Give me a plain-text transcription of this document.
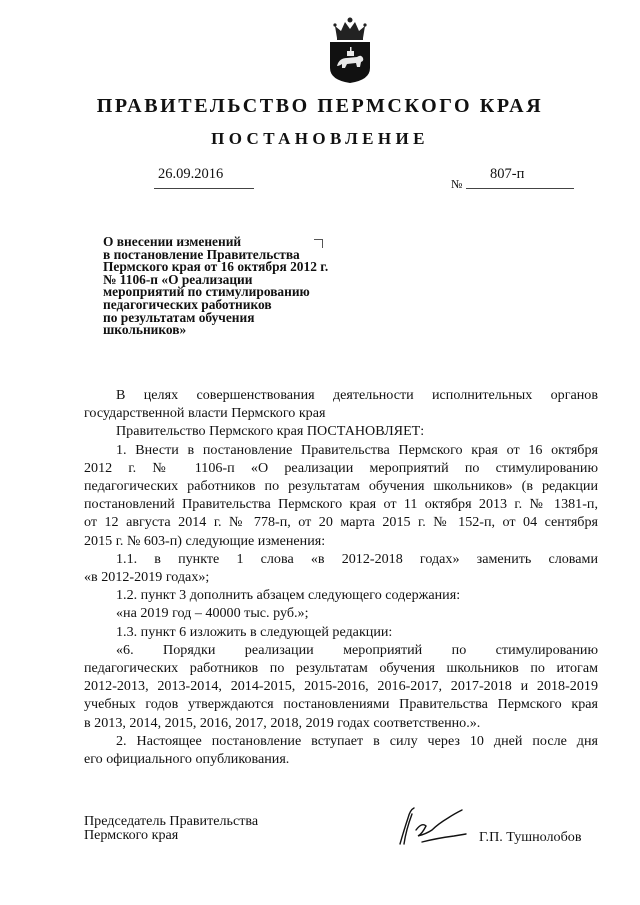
ПРАВИТЕЛЬСТВО ПЕРМСКОГО КРАЯ
ПОСТАНОВЛЕНИЕ
26.09.2016
№
807-п
О внесении изменений
в постановление Правительства
Пермского края от 16 октября 2012 г.
№ 1106-п «О реализации
мероприятий по стимулированию
педагогических работников
по результатам обучения
школьников»

В целях совершенствования деятельности исполнительных органов

государственной власти Пермского края

Правительство Пермского края ПОСТАНОВЛЯЕТ:

1. Внести в постановление Правительства Пермского края от 16 октября

2012 г. № 1106-п «О реализации мероприятий по стимулированию

педагогических работников по результатам обучения школьников» (в редакции

постановлений Правительства Пермского края от 11 октября 2013 г. № 1381-п,

от 12 августа 2014 г. № 778-п, от 20 марта 2015 г. № 152-п, от 04 сентября

2015 г. № 603-п) следующие изменения:

1.1. в пункте 1 слова «в 2012-2018 годах» заменить словами

«в 2012-2019 годах»;

1.2. пункт 3 дополнить абзацем следующего содержания:

«на 2019 год – 40000 тыс. руб.»;

1.3. пункт 6 изложить в следующей редакции:

«6. Порядки реализации мероприятий по стимулированию

педагогических работников по результатам обучения школьников по итогам

2012-2013, 2013-2014, 2014-2015, 2015-2016, 2016-2017, 2017-2018 и 2018-2019

учебных годов утверждаются постановлениями Правительства Пермского края

в 2013, 2014, 2015, 2016, 2017, 2018, 2019 годах соответственно.».

2. Настоящее постановление вступает в силу через 10 дней после дня

его официального опубликования.

Председатель Правительства
Пермского края	Г.П. Тушнолобов
